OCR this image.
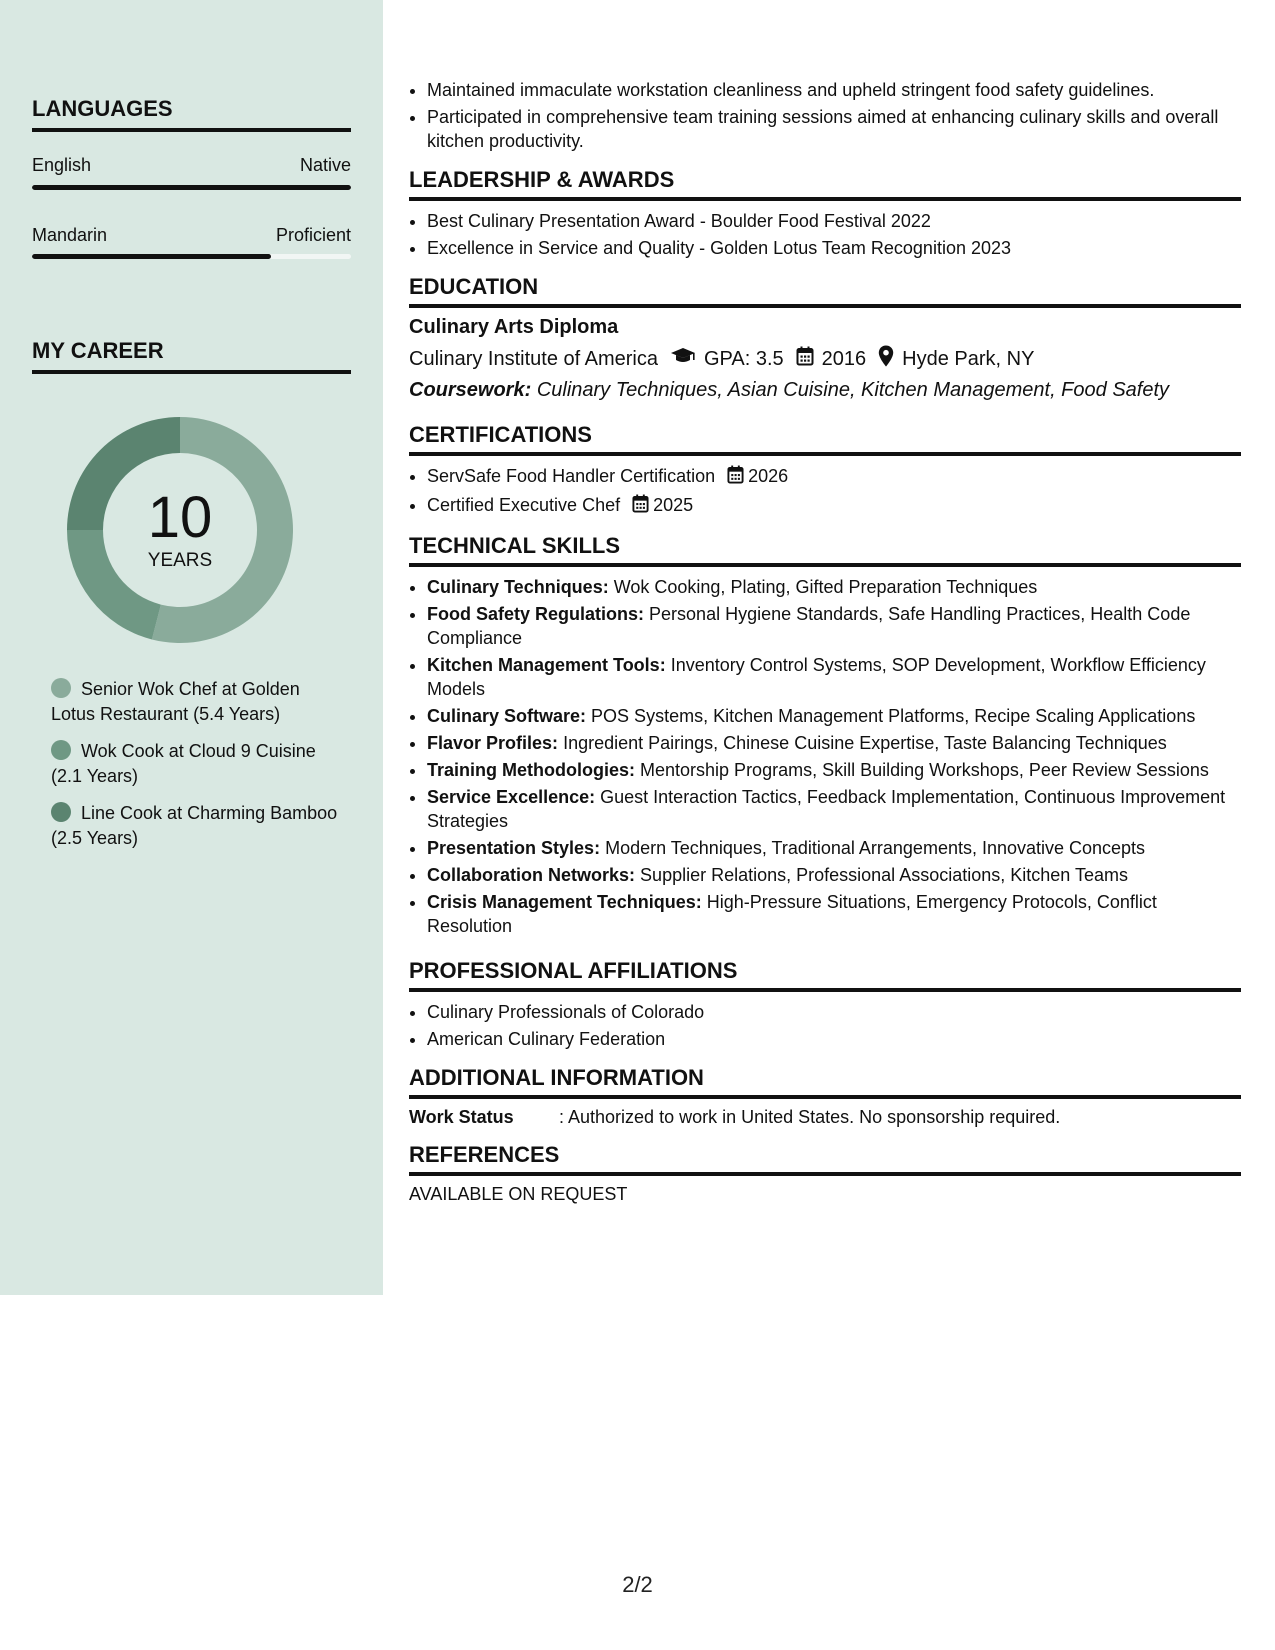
LANGUAGES
English	Native
Mandarin	Proficient
MY CAREER
10
YEARS
Senior Wok Chef at Golden Lotus Restaurant (5.4 Years)
Wok Cook at Cloud 9 Cuisine (2.1 Years)
Line Cook at Charming Bamboo (2.5 Years)
• Maintained immaculate workstation cleanliness and upheld stringent food safety guidelines.
• Participated in comprehensive team training sessions aimed at enhancing culinary skills and overall kitchen productivity.
LEADERSHIP & AWARDS
• Best Culinary Presentation Award - Boulder Food Festival 2022
• Excellence in Service and Quality - Golden Lotus Team Recognition 2023
EDUCATION
Culinary Arts Diploma
Culinary Institute of America GPA: 3.5 2016 Hyde Park, NY
Coursework: Culinary Techniques, Asian Cuisine, Kitchen Management, Food Safety
CERTIFICATIONS
• ServSafe Food Handler Certification 2026
• Certified Executive Chef 2025
TECHNICAL SKILLS
• Culinary Techniques: Wok Cooking, Plating, Gifted Preparation Techniques
• Food Safety Regulations: Personal Hygiene Standards, Safe Handling Practices, Health Code Compliance
• Kitchen Management Tools: Inventory Control Systems, SOP Development, Workflow Efficiency Models
• Culinary Software: POS Systems, Kitchen Management Platforms, Recipe Scaling Applications
• Flavor Profiles: Ingredient Pairings, Chinese Cuisine Expertise, Taste Balancing Techniques
• Training Methodologies: Mentorship Programs, Skill Building Workshops, Peer Review Sessions
• Service Excellence: Guest Interaction Tactics, Feedback Implementation, Continuous Improvement Strategies
• Presentation Styles: Modern Techniques, Traditional Arrangements, Innovative Concepts
• Collaboration Networks: Supplier Relations, Professional Associations, Kitchen Teams
• Crisis Management Techniques: High-Pressure Situations, Emergency Protocols, Conflict Resolution
PROFESSIONAL AFFILIATIONS
• Culinary Professionals of Colorado
• American Culinary Federation
ADDITIONAL INFORMATION
Work Status	: Authorized to work in United States. No sponsorship required.
REFERENCES
AVAILABLE ON REQUEST
2/2
